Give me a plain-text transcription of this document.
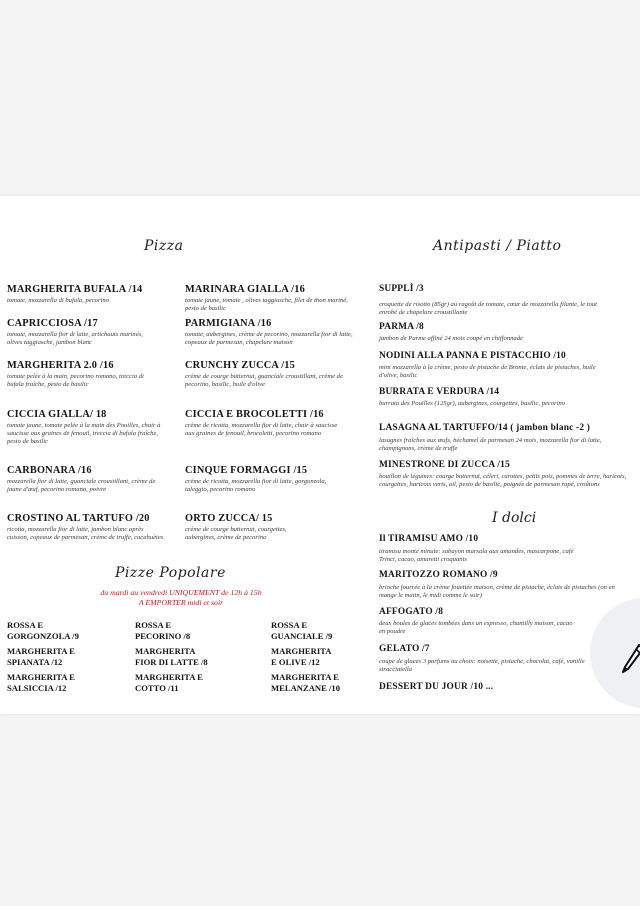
Pizza
MARGHERITA BUFALA /14
tomate, mozzarella di bufala, pecorino
CAPRICCIOSA /17
tomate, mozzarella fior di latte, artichauts marinés, olives taggiasche, jambon blanc
MARGHERITA 2.0 /16
tomate pelée à la main, pecorino romano, treccia di bufala fraîche, pesto de basilic
CICCIA GIALLA/ 18
tomate jaune, tomate pelée à la main des Pouilles, chair à saucisse aux graines de fenouil, treccia di bufala fraîche, pesto de basilic
CARBONARA /16
mozzarella fior di latte, guanciale croustillant, crème de jaune d'œuf, pecorino romano, poivre
CROSTINO AL TARTUFO /20
ricotta, mozzarella fior di latte, jambon blanc après cuisson, copeaux de parmesan, crème de truffe, cacahuètes
MARINARA GIALLA /16
tomate jaune, tomate , olives taggiasche, filet de thon mariné, pesto de basilic
PARMIGIANA /16
tomate, aubergines, crème de pecorino, mozzarella fior di latte, copeaux de parmesan, chapelure maison
CRUNCHY ZUCCA /15
crème de courge butternut, guanciale croustillant, crème de pecorino, basilic, huile d'olive
CICCIA E BROCOLETTI /16
crème de ricotta, mozzarella fior di latte, chair à saucisse aux graines de fenouil, brocoletti, pecorino romano
CINQUE FORMAGGI /15
crème de ricotta, mozzarella fior di latte, gorgonzola, taleggio, pecorino romano
ORTO ZUCCA/ 15
crème de courge butternut, courgettes, aubergines, crème de pecorino
Pizze Popolare
du mardi au vendredi UNIQUEMENT de 12h à 15h
A EMPORTER midi et soir
ROSSA E
GORGONZOLA /9
MARGHERITA E
SPIANATA /12
MARGHERITA E
SALSICCIA /12
ROSSA E
PECORINO /8
MARGHERITA
FIOR DI LATTE /8
MARGHERITA E
COTTO /11
ROSSA E
GUANCIALE /9
MARGHERITA
E OLIVE /12
MARGHERITA E
MELANZANE /10
Antipasti / Piatto
SUPPLÌ /3
croquette de risotto (85gr) au ragoût de tomate, cœur de mozzarella filante, le tout enrobé de chapelure croustillante
PARMA /8
jambon de Parme affiné 24 mois coupé en chiffonnade
NODINI ALLA PANNA E PISTACCHIO /10
mini mozzarella à la crème, pesto de pistache de Bronte, éclats de pistaches, huile d'olive, basilic
BURRATA E VERDURA /14
burrata des Pouilles (125gr), aubergines, courgettes, basilic, pecorino
LASAGNA AL TARTUFFO/14 ( jambon blanc -2 )
lasagnes fraîches aux œufs, béchamel de parmesan 24 mois, mozzarella fior di latte, champignons, crème de truffe
MINESTRONE DI ZUCCA /15
bouillon de légumes: courge butternut, céleri, carottes, petits pois, pommes de terre, haricots, courgettes, haricots verts, ail, pesto de basilic, poignée de parmesan rapé, croûtons
I dolci
Il TIRAMISU AMO /10
tiramisu monté minute: sabayon marsala aux amandes, mascarpone, café Trinci, cacao, amaretti croquants
MARITOZZO ROMANO /9
brioche fourrée à la crème fouettée maison, crème de pistache, éclats de pistaches (on en mange le matin, le midi comme le soir)
AFFOGATO /8
deux boules de glaces tombées dans un espresso, chantilly maison, cacao en poudre
GELATO /7
coupe de glaces 3 parfums au choix: noisette, pistache, chocolat, café, vanille stracciatella
DESSERT DU JOUR /10 ...
